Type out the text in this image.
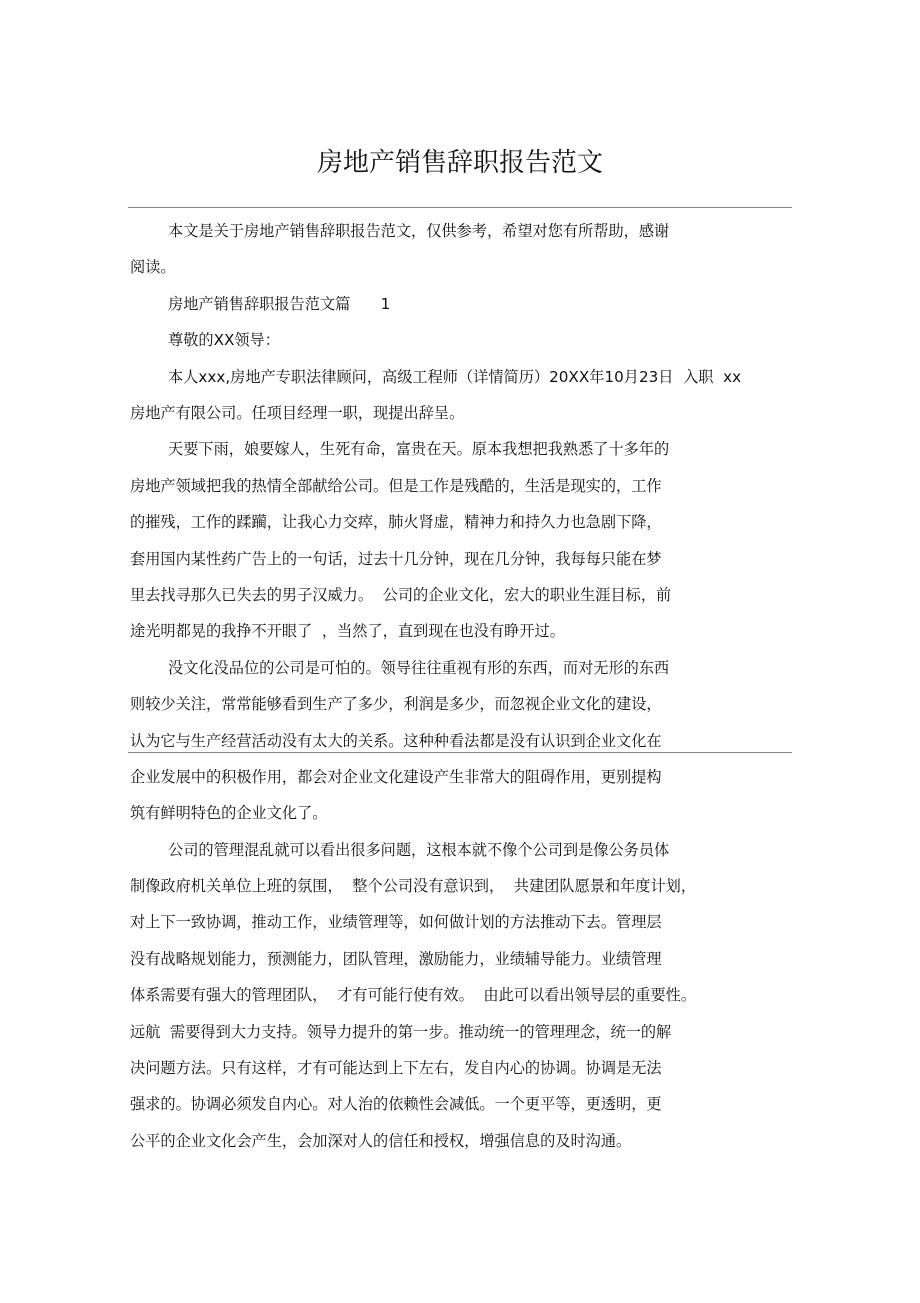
房地产销售辞职报告范文
本文是关于房地产销售辞职报告范文，仅供参考，希望对您有所帮助，感谢
阅读。
房地产销售辞职报告范文篇　　1
尊敬的XX领导：
本人xxx,房地产专职法律顾问，高级工程师（详情简历）20XX年10月23日  入职  xx
房地产有限公司。任项目经理一职，现提出辞呈。
天要下雨，娘要嫁人，生死有命，富贵在天。原本我想把我熟悉了十多年的
房地产领域把我的热情全部献给公司。但是工作是残酷的，生活是现实的，工作
的摧残，工作的蹂躏，让我心力交瘁，肺火肾虚，精神力和持久力也急剧下降，
套用国内某性药广告上的一句话，过去十几分钟，现在几分钟，我每每只能在梦
里去找寻那久已失去的男子汉威力。  公司的企业文化，宏大的职业生涯目标，前
途光明都晃的我挣不开眼了  ，当然了，直到现在也没有睁开过。
没文化没品位的公司是可怕的。领导往往重视有形的东西，而对无形的东西
则较少关注，常常能够看到生产了多少，利润是多少，而忽视企业文化的建设，
认为它与生产经营活动没有太大的关系。这种种看法都是没有认识到企业文化在
企业发展中的积极作用，都会对企业文化建设产生非常大的阻碍作用，更别提构
筑有鲜明特色的企业文化了。
公司的管理混乱就可以看出很多问题，这根本就不像个公司到是像公务员体
制像政府机关单位上班的氛围，  整个公司没有意识到，  共建团队愿景和年度计划，
对上下一致协调，推动工作，业绩管理等，如何做计划的方法推动下去。管理层
没有战略规划能力，预测能力，团队管理，激励能力，业绩辅导能力。业绩管理
体系需要有强大的管理团队，  才有可能行使有效。  由此可以看出领导层的重要性。
远航  需要得到大力支持。领导力提升的第一步。推动统一的管理理念，统一的解
决问题方法。只有这样，才有可能达到上下左右，发自内心的协调。协调是无法
强求的。协调必须发自内心。对人治的依赖性会减低。一个更平等，更透明，更
公平的企业文化会产生，会加深对人的信任和授权，增强信息的及时沟通。
